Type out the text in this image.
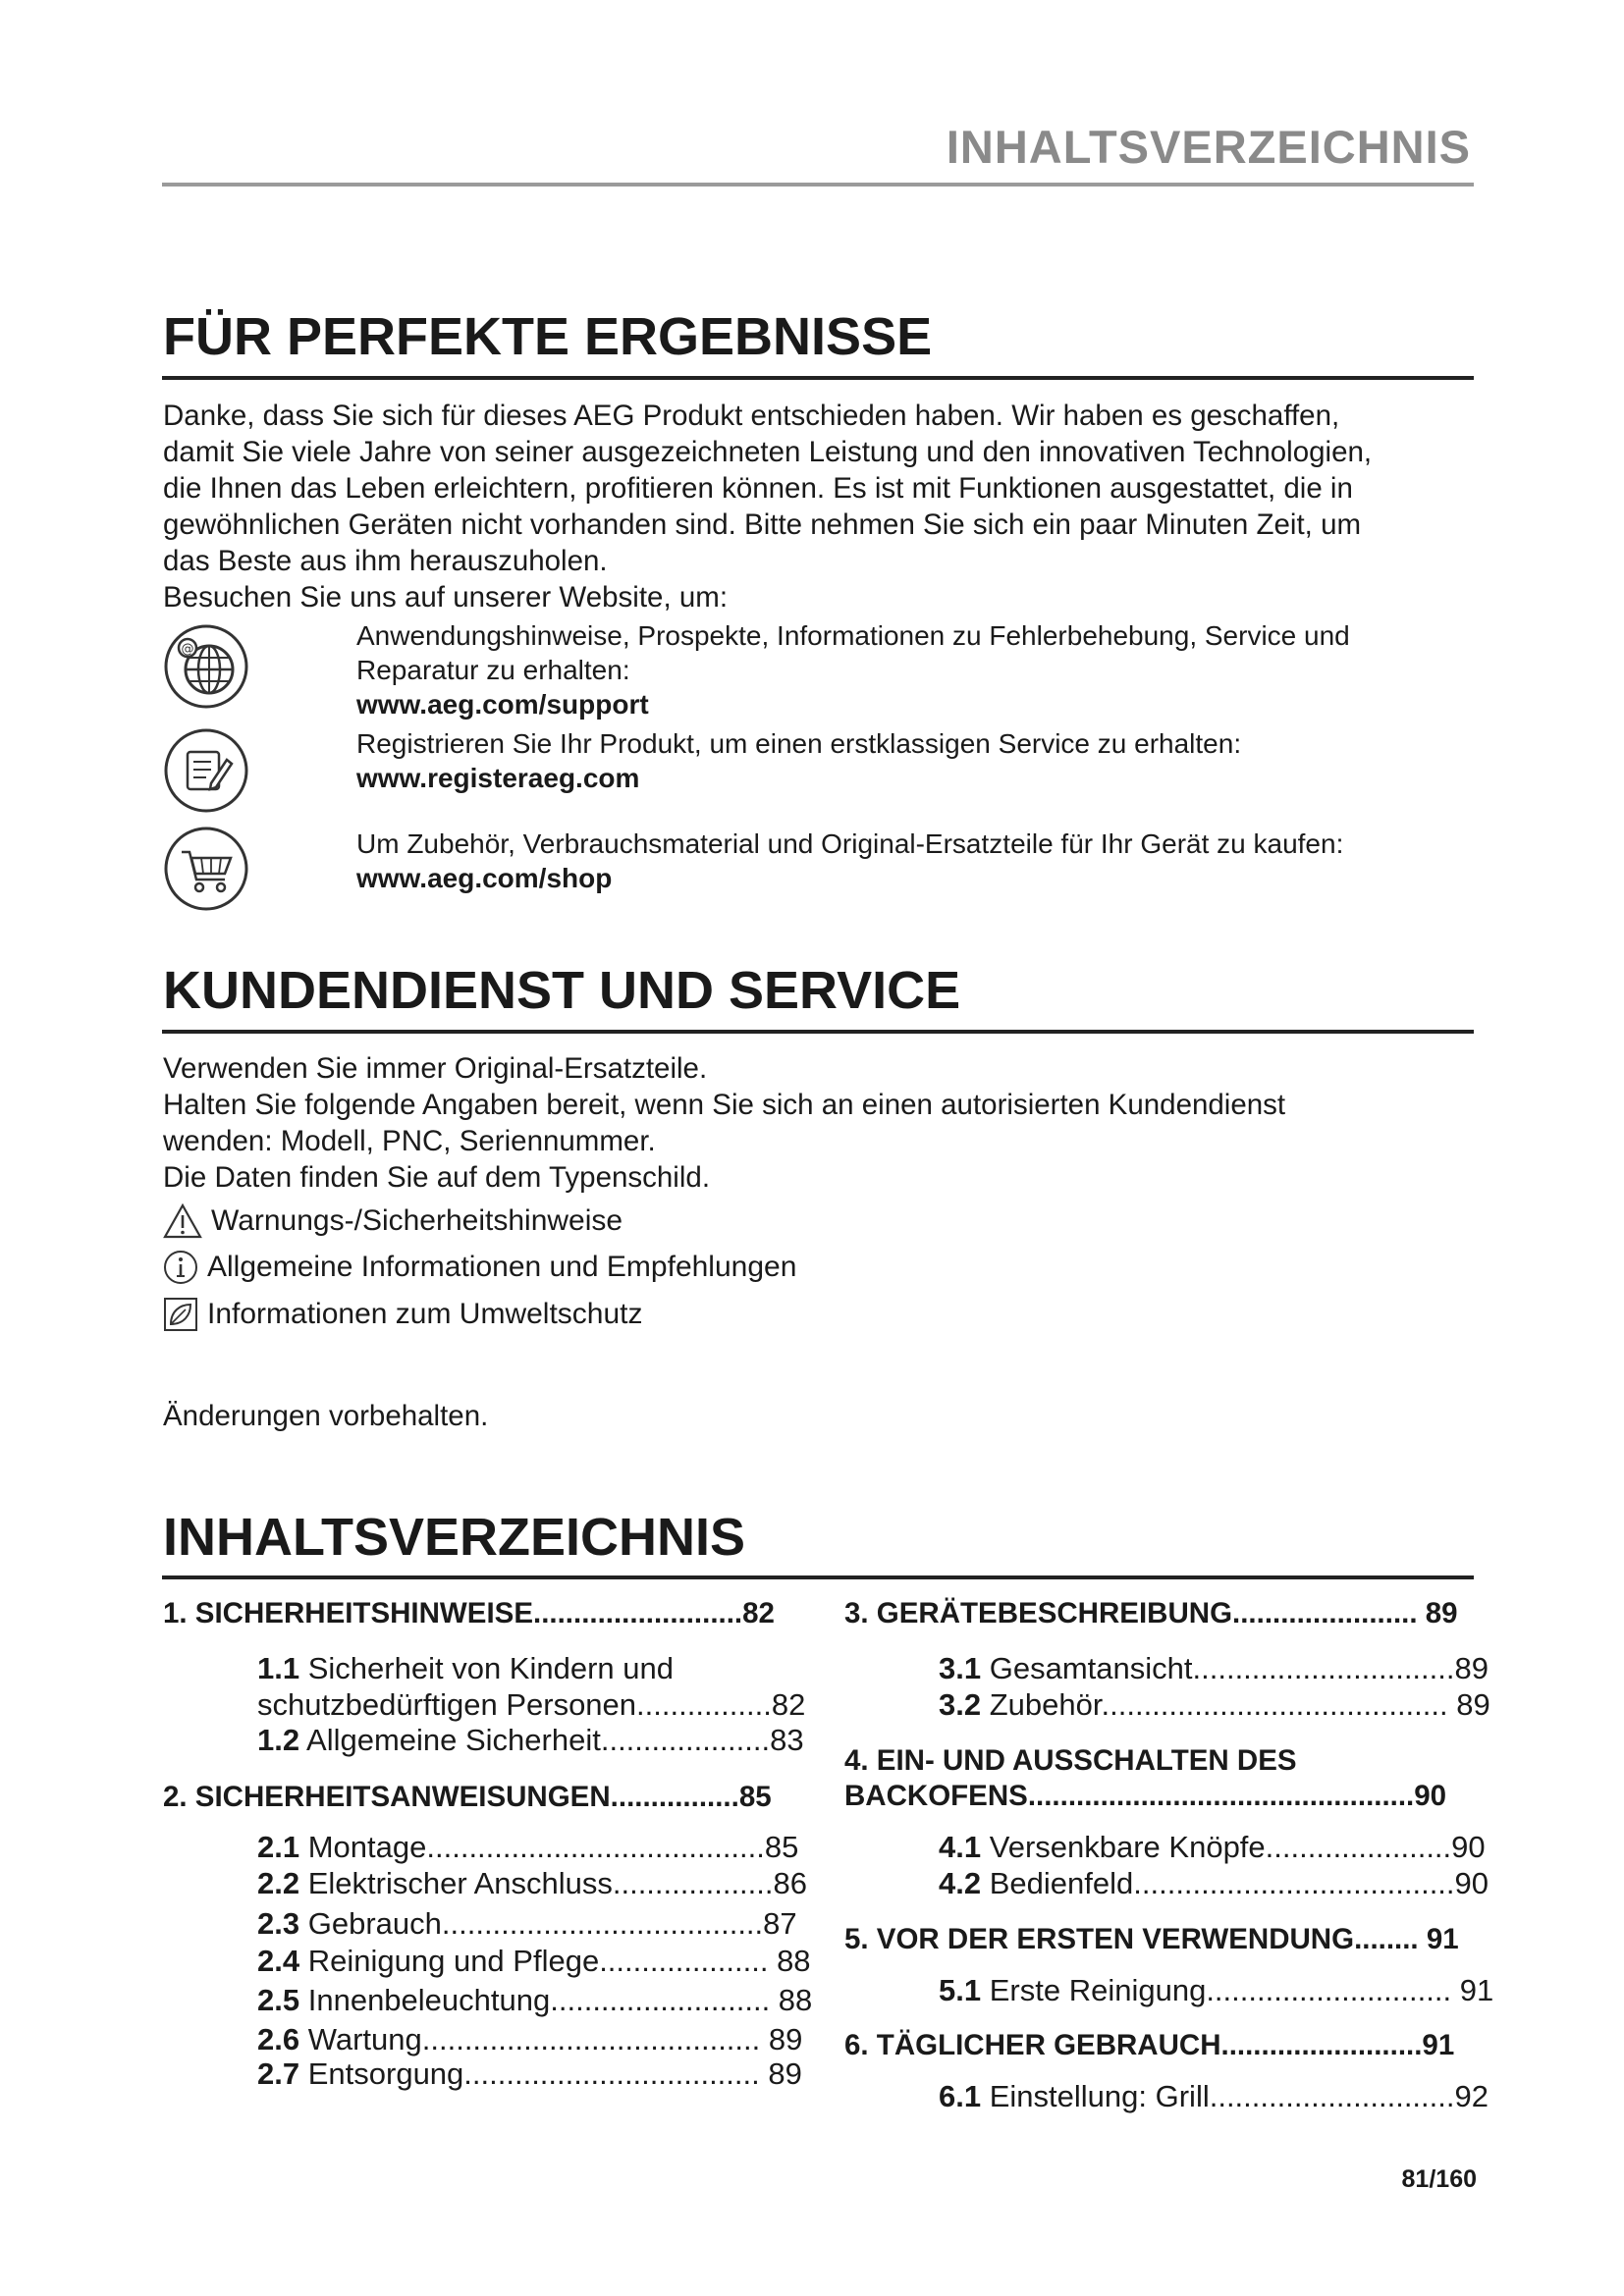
INHALTSVERZEICHNIS
FÜR PERFEKTE ERGEBNISSE

Danke, dass Sie sich für dieses AEG Produkt entschieden haben. Wir haben es geschaffen,

damit Sie viele Jahre von seiner ausgezeichneten Leistung und den innovativen Technologien,

die Ihnen das Leben erleichtern, profitieren können. Es ist mit Funktionen ausgestattet, die in

gewöhnlichen Geräten nicht vorhanden sind. Bitte nehmen Sie sich ein paar Minuten Zeit, um

das Beste aus ihm herauszuholen.

Besuchen Sie uns auf unserer Website, um:

@	Anwendungshinweise, Prospekte, Informationen zu Fehlerbehebung, Service und
Reparatur zu erhalten:
www.aeg.com/support
Registrieren Sie Ihr Produkt, um einen erstklassigen Service zu erhalten:
www.registeraeg.com
Um Zubehör, Verbrauchsmaterial und Original-Ersatzteile für Ihr Gerät zu kaufen:
www.aeg.com/shop
KUNDENDIENST UND SERVICE

Verwenden Sie immer Original-Ersatzteile.

Halten Sie folgende Angaben bereit, wenn Sie sich an einen autorisierten Kundendienst

wenden: Modell, PNC, Seriennummer.

Die Daten finden Sie auf dem Typenschild.

Warnungs-/Sicherheitshinweise
Allgemeine Informationen und Empfehlungen
Informationen zum Umweltschutz
Änderungen vorbehalten.
INHALTSVERZEICHNIS
1. SICHERHEITSHINWEISE..........................82
1.1 Sicherheit von Kindern und
schutzbedürftigen Personen................82
1.2 Allgemeine Sicherheit....................83
2. SICHERHEITSANWEISUNGEN................85
2.1 Montage........................................85
2.2 Elektrischer Anschluss...................86
2.3 Gebrauch......................................87
2.4 Reinigung und Pflege.................... 88
2.5 Innenbeleuchtung.......................... 88
2.6 Wartung........................................ 89
2.7 Entsorgung................................... 89
3. GERÄTEBESCHREIBUNG....................... 89
3.1 Gesamtansicht...............................89
3.2 Zubehör......................................... 89
4. EIN- UND AUSSCHALTEN DES
BACKOFENS................................................90
4.1 Versenkbare Knöpfe......................90
4.2 Bedienfeld......................................90
5. VOR DER ERSTEN VERWENDUNG........ 91
5.1 Erste Reinigung............................. 91
6. TÄGLICHER GEBRAUCH.........................91
6.1 Einstellung: Grill.............................92
81/160
